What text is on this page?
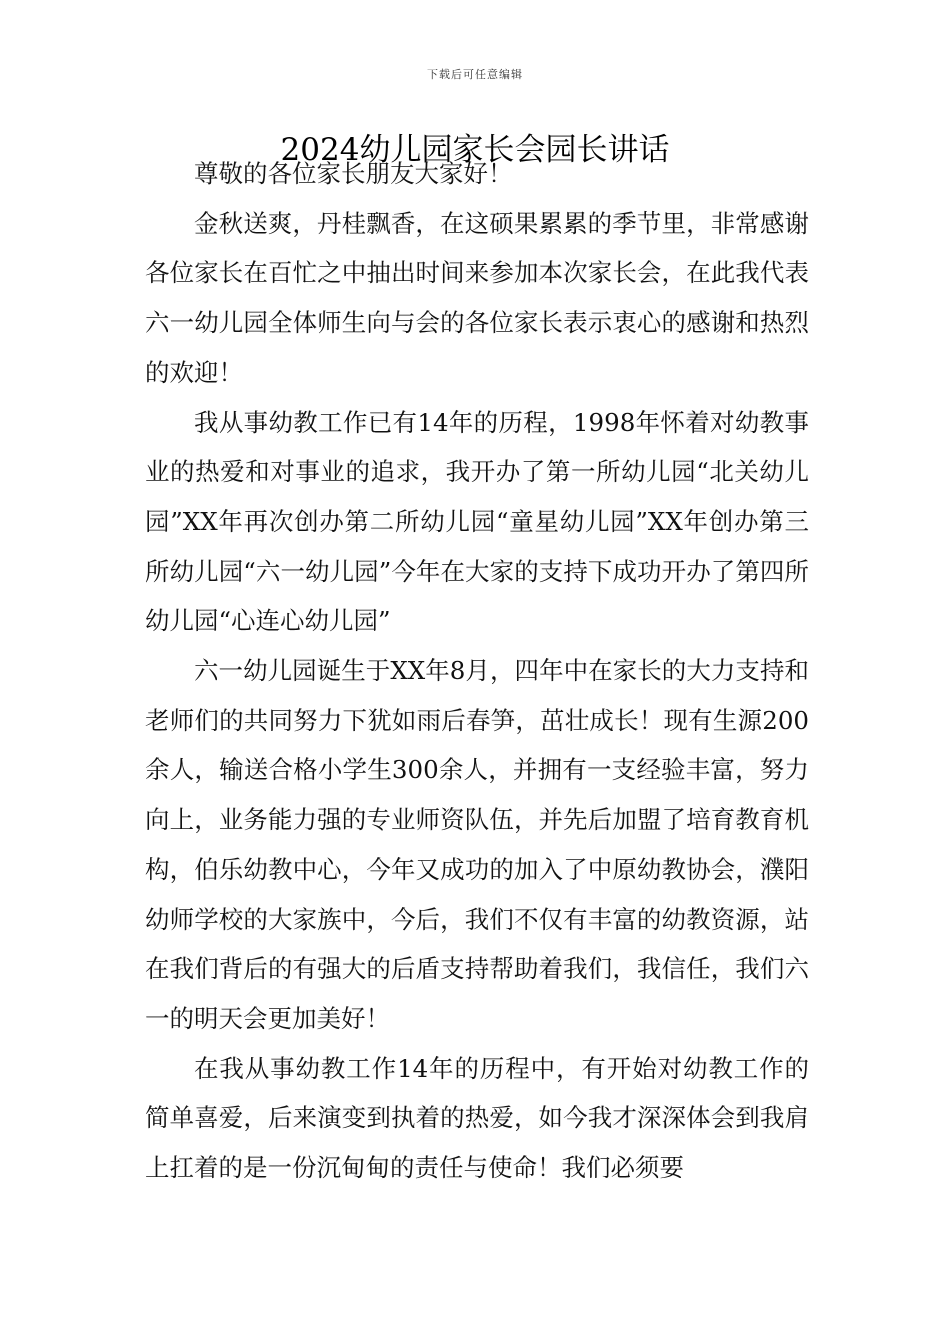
下载后可任意编辑
2024幼儿园家长会园长讲话

尊敬的各位家长朋友大家好！

金秋送爽，丹桂飘香，在这硕果累累的季节里，非常感谢各位家长在百忙之中抽出时间来参加本次家长会，在此我代表六一幼儿园全体师生向与会的各位家长表示衷心的感谢和热烈的欢迎！

我从事幼教工作已有14年的历程，1998年怀着对幼教事业的热爱和对事业的追求，我开办了第一所幼儿园“北关幼儿园”XX年再次创办第二所幼儿园“童星幼儿园”XX年创办第三所幼儿园“六一幼儿园”今年在大家的支持下成功开办了第四所幼儿园“心连心幼儿园”

六一幼儿园诞生于XX年8月，四年中在家长的大力支持和老师们的共同努力下犹如雨后春笋，茁壮成长！现有生源200余人，输送合格小学生300余人，并拥有一支经验丰富，努力向上，业务能力强的专业师资队伍，并先后加盟了培育教育机构，伯乐幼教中心，今年又成功的加入了中原幼教协会，濮阳幼师学校的大家族中，今后，我们不仅有丰富的幼教资源，站在我们背后的有强大的后盾支持帮助着我们，我信任，我们六一的明天会更加美好！

在我从事幼教工作14年的历程中，有开始对幼教工作的简单喜爱，后来演变到执着的热爱，如今我才深深体会到我肩上扛着的是一份沉甸甸的责任与使命！我们必须要
